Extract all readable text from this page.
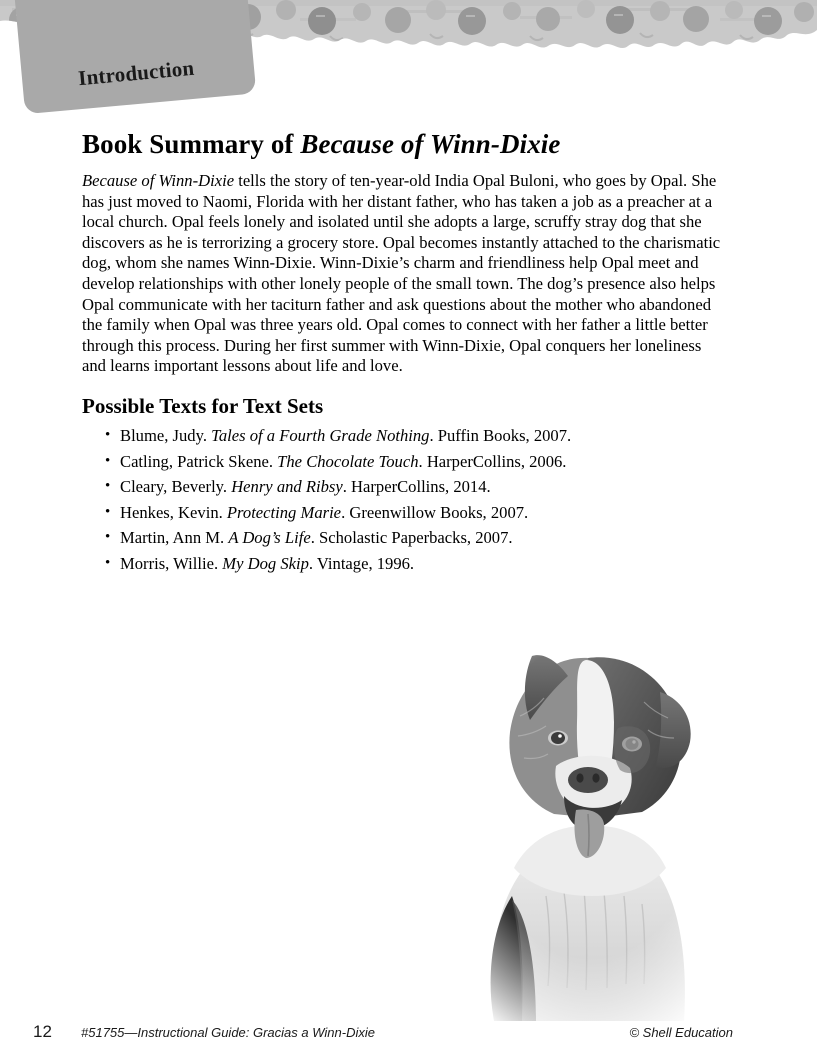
Introduction
Book Summary of Because of Winn-Dixie

Because of Winn-Dixie tells the story of ten-year-old India Opal Buloni, who goes by Opal. She has just moved to Naomi, Florida with her distant father, who has taken a job as a preacher at a local church. Opal feels lonely and isolated until she adopts a large, scruffy stray dog that she discovers as he is terrorizing a grocery store. Opal becomes instantly attached to the charismatic dog, whom she names Winn-Dixie. Winn-Dixie’s charm and friendliness help Opal meet and develop relationships with other lonely people of the small town. The dog’s presence also helps Opal communicate with her taciturn father and ask questions about the mother who abandoned the family when Opal was three years old. Opal comes to connect with her father a little better through this process. During her first summer with Winn-Dixie, Opal conquers her loneliness and learns important lessons about life and love.

Possible Texts for Text Sets
• Blume, Judy. Tales of a Fourth Grade Nothing. Puffin Books, 2007.
• Catling, Patrick Skene. The Chocolate Touch. HarperCollins, 2006.
• Cleary, Beverly. Henry and Ribsy. HarperCollins, 2014.
• Henkes, Kevin. Protecting Marie. Greenwillow Books, 2007.
• Martin, Ann M. A Dog’s Life. Scholastic Paperbacks, 2007.
• Morris, Willie. My Dog Skip. Vintage, 1996.
12 #51755—Instructional Guide: Gracias a Winn-Dixie	© Shell Education
